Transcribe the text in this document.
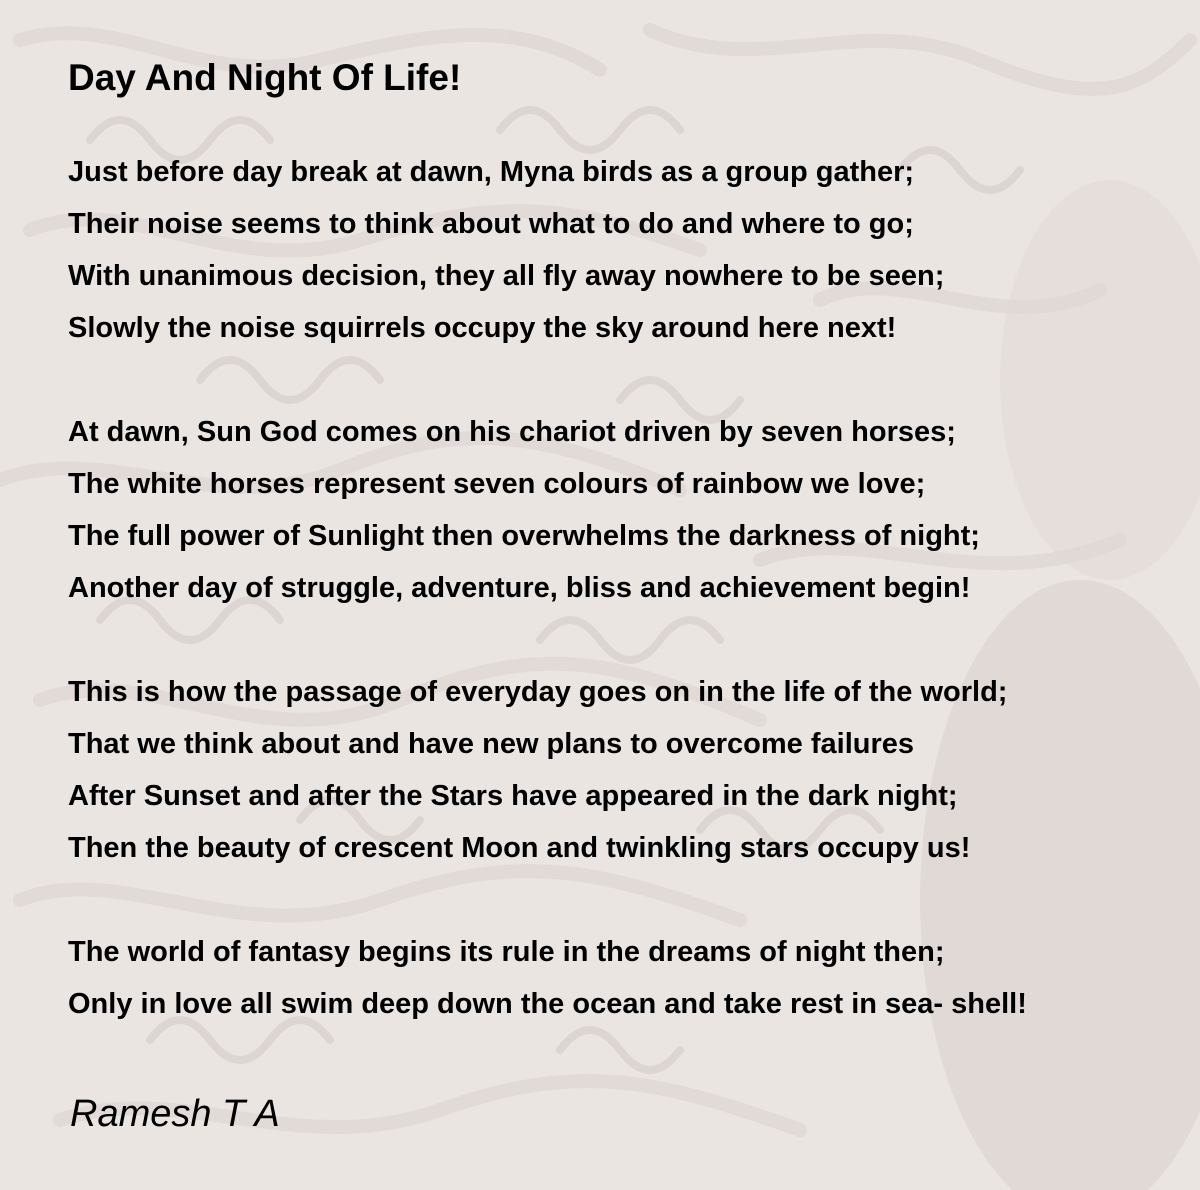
Day And Night Of Life!
Just before day break at dawn, Myna birds as a group gather;
Their noise seems to think about what to do and where to go;
With unanimous decision, they all fly away nowhere to be seen;
Slowly the noise squirrels occupy the sky around here next!
At dawn, Sun God comes on his chariot driven by seven horses;
The white horses represent seven colours of rainbow we love;
The full power of Sunlight then overwhelms the darkness of night;
Another day of struggle, adventure, bliss and achievement begin!
This is how the passage of everyday goes on in the life of the world;
That we think about and have new plans to overcome failures
After Sunset and after the Stars have appeared in the dark night;
Then the beauty of crescent Moon and twinkling stars occupy us!
The world of fantasy begins its rule in the dreams of night then;
Only in love all swim deep down the ocean and take rest in sea- shell!
Ramesh T A
